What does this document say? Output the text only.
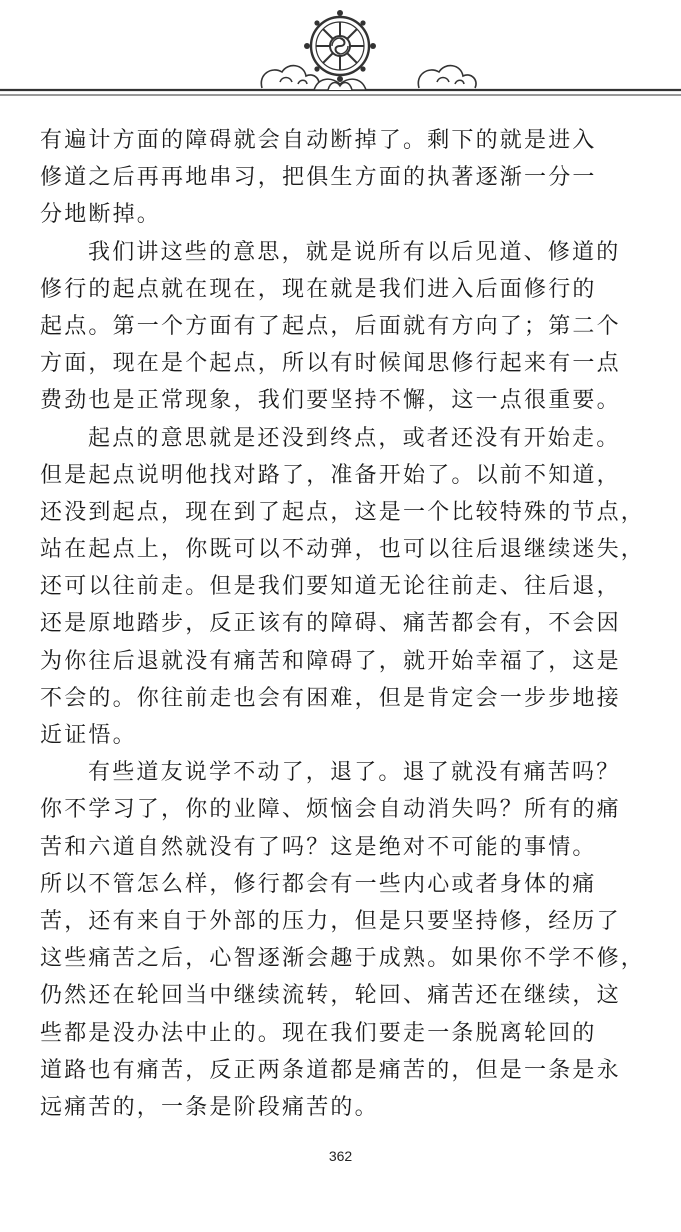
有遍计方面的障碍就会自动断掉了。剩下的就是进入
修道之后再再地串习，把俱生方面的执著逐渐一分一
分地断掉。

我们讲这些的意思，就是说所有以后见道、修道的
修行的起点就在现在，现在就是我们进入后面修行的
起点。第一个方面有了起点，后面就有方向了；第二个
方面，现在是个起点，所以有时候闻思修行起来有一点
费劲也是正常现象，我们要坚持不懈，这一点很重要。

起点的意思就是还没到终点，或者还没有开始走。
但是起点说明他找对路了，准备开始了。以前不知道，
还没到起点，现在到了起点，这是一个比较特殊的节点，
站在起点上，你既可以不动弹，也可以往后退继续迷失，
还可以往前走。但是我们要知道无论往前走、往后退，
还是原地踏步，反正该有的障碍、痛苦都会有，不会因
为你往后退就没有痛苦和障碍了，就开始幸福了，这是
不会的。你往前走也会有困难，但是肯定会一步步地接
近证悟。

有些道友说学不动了，退了。退了就没有痛苦吗？
你不学习了，你的业障、烦恼会自动消失吗？所有的痛
苦和六道自然就没有了吗？这是绝对不可能的事情。
所以不管怎么样，修行都会有一些内心或者身体的痛
苦，还有来自于外部的压力，但是只要坚持修，经历了
这些痛苦之后，心智逐渐会趣于成熟。如果你不学不修，
仍然还在轮回当中继续流转，轮回、痛苦还在继续，这
些都是没办法中止的。现在我们要走一条脱离轮回的
道路也有痛苦，反正两条道都是痛苦的，但是一条是永
远痛苦的，一条是阶段痛苦的。

362
